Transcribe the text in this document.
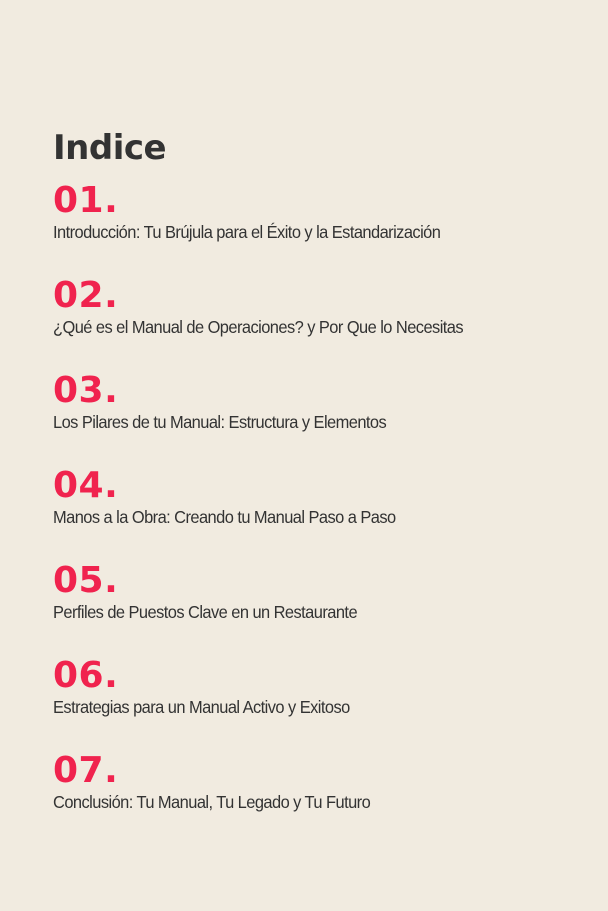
Indice
01.
Introducción: Tu Brújula para el Éxito y la Estandarización
02.
¿Qué es el Manual de Operaciones? y Por Que lo Necesitas
03.
Los Pilares de tu Manual: Estructura y Elementos
04.
Manos a la Obra: Creando tu Manual Paso a Paso
05.
Perfiles de Puestos Clave en un Restaurante
06.
Estrategias para un Manual Activo y Exitoso
07.
Conclusión: Tu Manual, Tu Legado y Tu Futuro
